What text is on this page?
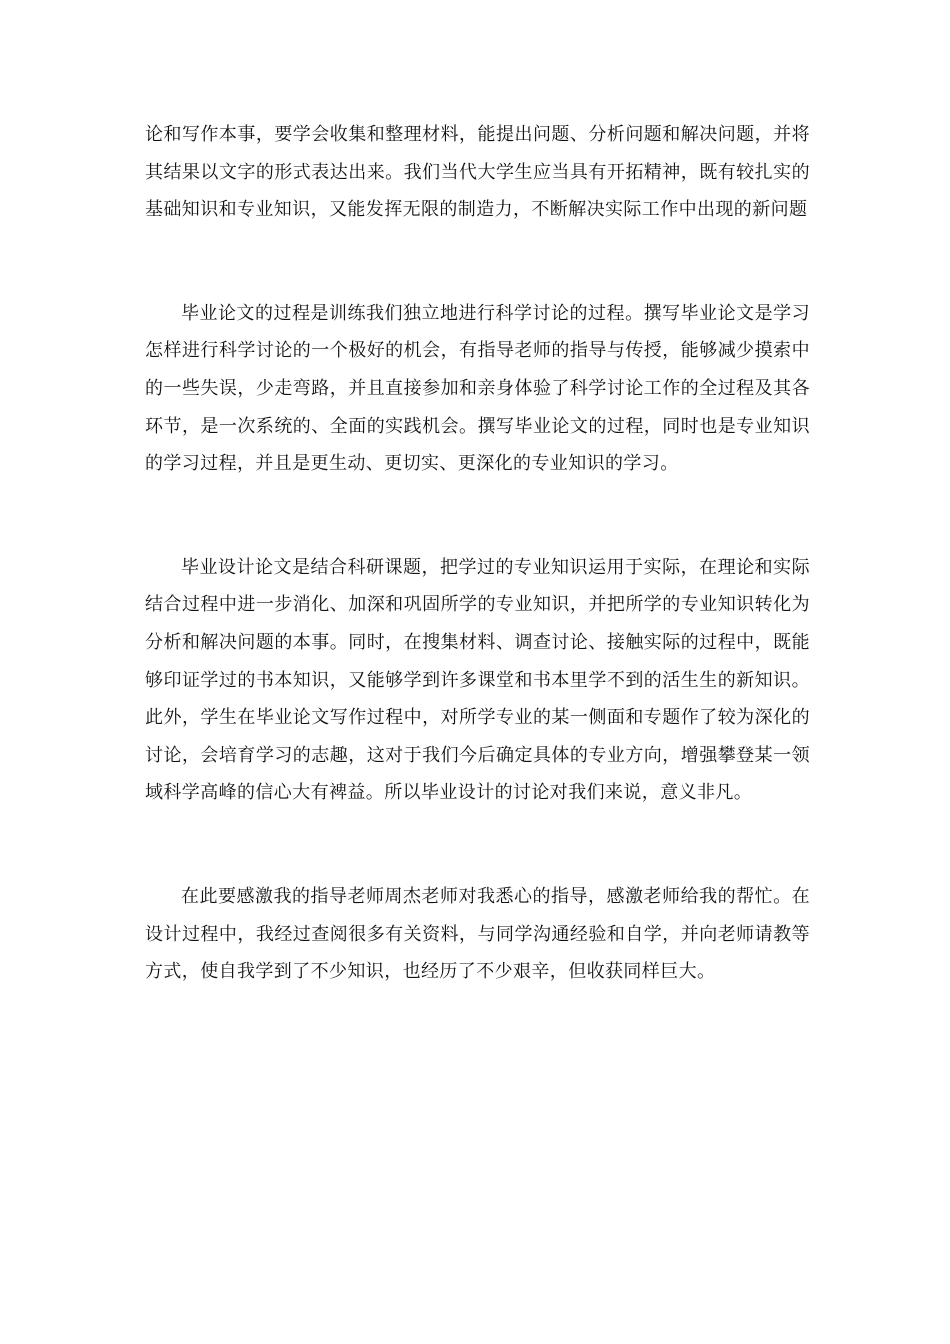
论和写作本事，要学会收集和整理材料，能提出问题、分析问题和解决问题，并将其结果以文字的形式表达出来。我们当代大学生应当具有开拓精神，既有较扎实的基础知识和专业知识，又能发挥无限的制造力，不断解决实际工作中出现的新问题

毕业论文的过程是训练我们独立地进行科学讨论的过程。撰写毕业论文是学习怎样进行科学讨论的一个极好的机会，有指导老师的指导与传授，能够减少摸索中的一些失误，少走弯路，并且直接参加和亲身体验了科学讨论工作的全过程及其各环节，是一次系统的、全面的实践机会。撰写毕业论文的过程，同时也是专业知识的学习过程，并且是更生动、更切实、更深化的专业知识的学习。

毕业设计论文是结合科研课题，把学过的专业知识运用于实际，在理论和实际结合过程中进一步消化、加深和巩固所学的专业知识，并把所学的专业知识转化为分析和解决问题的本事。同时，在搜集材料、调查讨论、接触实际的过程中，既能够印证学过的书本知识，又能够学到许多课堂和书本里学不到的活生生的新知识。此外，学生在毕业论文写作过程中，对所学专业的某一侧面和专题作了较为深化的讨论，会培育学习的志趣，这对于我们今后确定具体的专业方向，增强攀登某一领域科学高峰的信心大有裨益。所以毕业设计的讨论对我们来说，意义非凡。

在此要感激我的指导老师周杰老师对我悉心的指导，感激老师给我的帮忙。在设计过程中，我经过查阅很多有关资料，与同学沟通经验和自学，并向老师请教等方式，使自我学到了不少知识，也经历了不少艰辛，但收获同样巨大。
